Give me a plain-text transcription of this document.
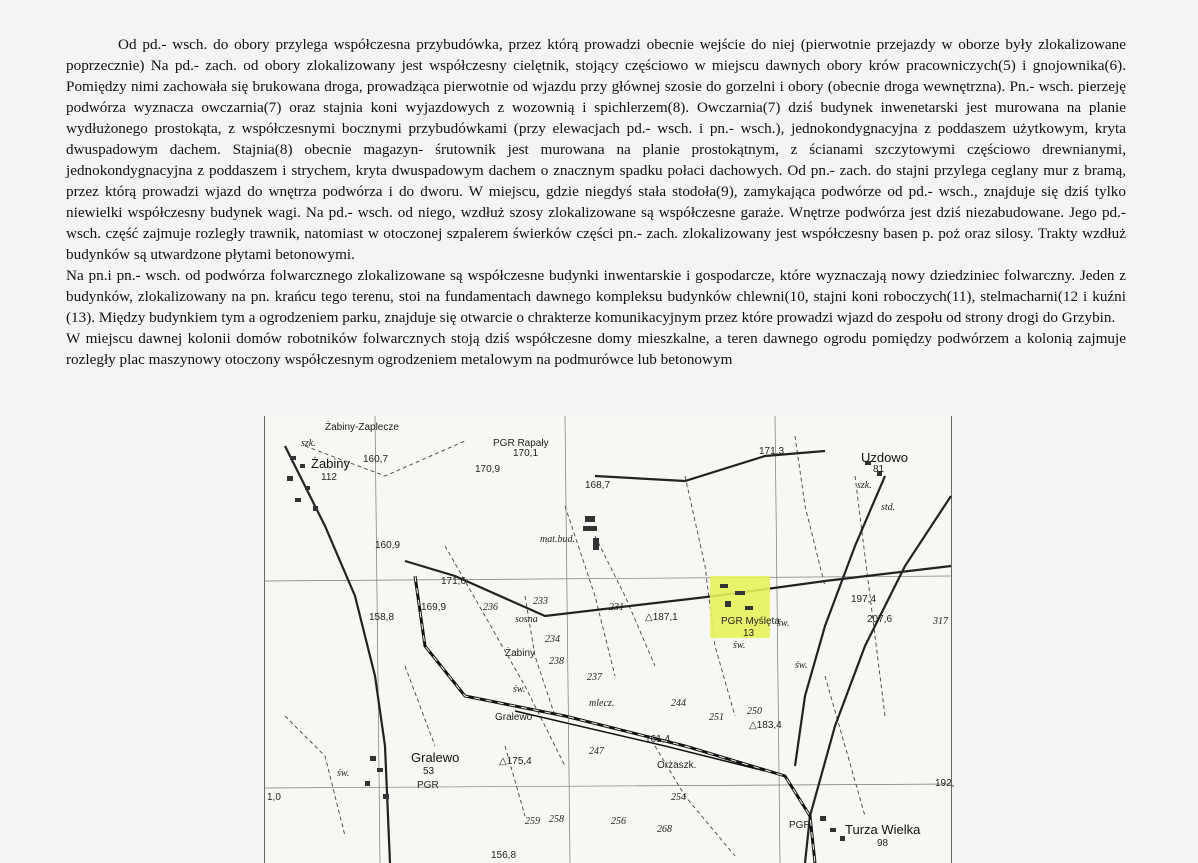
Od pd.- wsch. do obory przylega współczesna przybudówka, przez którą prowadzi obecnie wejście do niej (pierwotnie przejazdy w oborze były zlokalizowane poprzecznie) Na pd.- zach. od obory zlokalizowany jest współczesny cielętnik, stojący częściowo w miejscu dawnych obory krów pracowniczych(5) i gnojownika(6). Pomiędzy nimi zachowała się brukowana droga, prowadząca pierwotnie od wjazdu przy głównej szosie do gorzelni i obory (obecnie droga wewnętrzna). Pn.- wsch. pierzeję podwórza wyznacza owczarnia(7) oraz stajnia koni wyjazdowych z wozownią i spichlerzem(8). Owczarnia(7) dziś budynek inwenetarski jest murowana na planie wydłużonego prostokąta, z współczesnymi bocznymi przybudówkami (przy elewacjach pd.- wsch. i pn.- wsch.), jednokondygnacyjna z poddaszem użytkowym, kryta dwuspadowym dachem. Stajnia(8) obecnie magazyn- śrutownik jest murowana na planie prostokątnym, z ścianami szczytowymi częściowo drewnianymi, jednokondygnacyjna z poddaszem i strychem, kryta dwuspadowym dachem o znacznym spadku połaci dachowych. Od pn.- zach. do stajni przylega ceglany mur z bramą, przez którą prowadzi wjazd do wnętrza podwórza i do dworu. W miejscu, gdzie niegdyś stała stodoła(9), zamykająca podwórze od pd.- wsch., znajduje się dziś tylko niewielki współczesny budynek wagi. Na pd.- wsch. od niego, wzdłuż szosy zlokalizowane są współczesne garaże. Wnętrze podwórza jest dziś niezabudowane. Jego pd.- wsch. część zajmuje rozległy trawnik, natomiast w otoczonej szpalerem świerków części pn.- zach. zlokalizowany jest współczesny basen p. poż oraz silosy. Trakty wzdłuż budynków są utwardzone płytami betonowymi.

Na pn.i pn.- wsch. od podwórza folwarcznego zlokalizowane są współczesne budynki inwentarskie i gospodarcze, które wyznaczają nowy dziedziniec folwarczny. Jeden z budynków, zlokalizowany na pn. krańcu tego terenu, stoi na fundamentach dawnego kompleksu budynków chlewni(10, stajni koni roboczych(11), stelmacharni(12 i kuźni (13). Między budynkiem tym a ogrodzeniem parku, znajduje się otwarcie o chrakterze komunikacyjnym przez które prowadzi wjazd do zespołu od strony drogi do Grzybin.

W miejscu dawnej kolonii domów robotników folwarcznych stoją dziś współczesne domy mieszkalne, a teren dawnego ogrodu pomiędzy podwórzem a kolonią zajmuje rozległy plac maszynowy otoczony współczesnym ogrodzeniem metalowym na podmurówce lub betonowym

Żabiny-Zaplecze
Żabiny
112
szk.	PGR Rapały
170,1
170,9
160,7
168,7
171,3	Uzdowo
81
szk.
std.
mat.bud.
160,9
171,6
169,9
158,8
236
233
sosna
231
△187,1
234
Żabiny
238
237
PGR Myślęta
13
św.
197,4
207,6	317
św.
św.
św.
244
251
250
△183,4
Gralewo
mlecz.
161,4
247
△175,4	Orżaszk.
Gralewo
53
PGR
św.
254
259 258	256
268	PGR	Turza Wielka
98
192,
156,8
1,0
